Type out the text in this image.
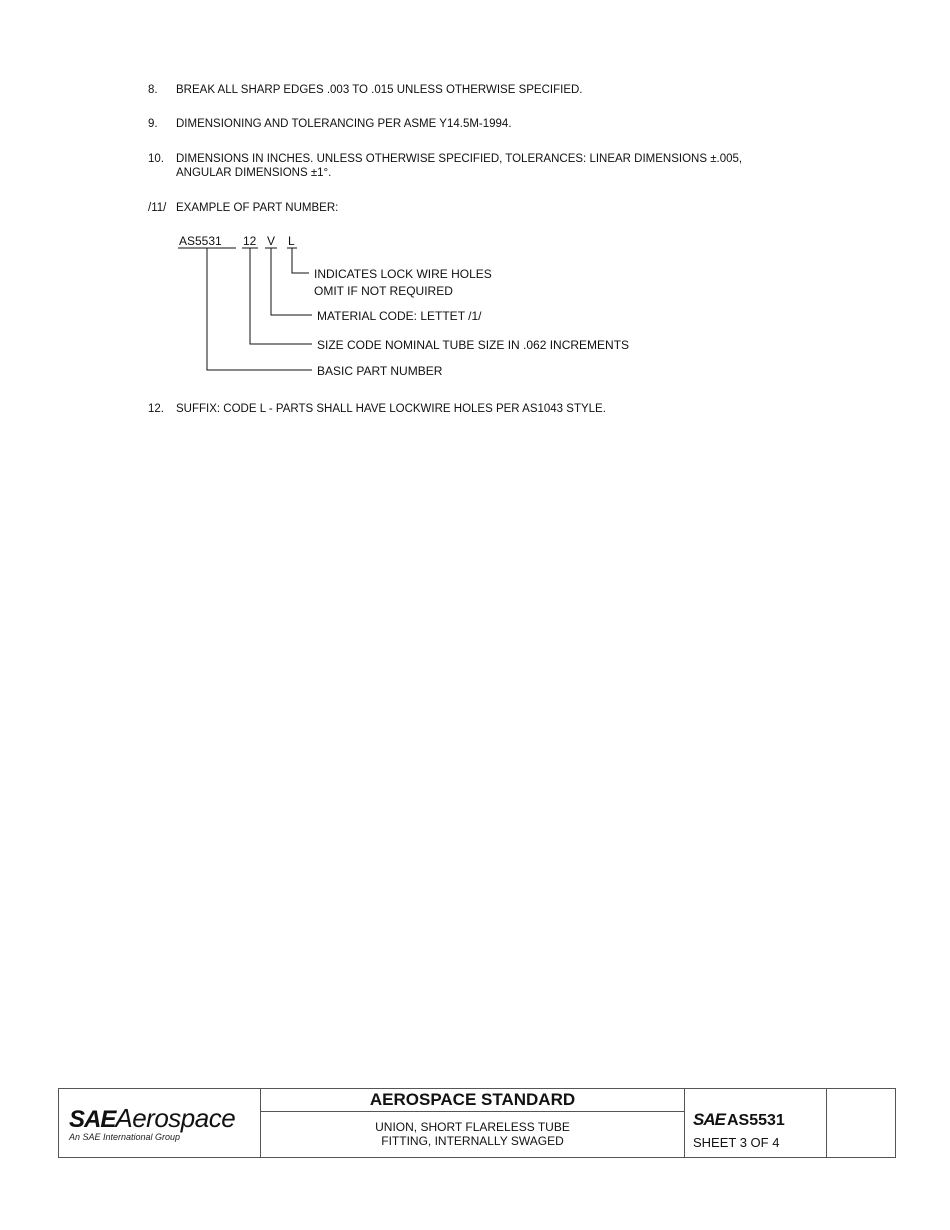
8. BREAK ALL SHARP EDGES .003 TO .015 UNLESS OTHERWISE SPECIFIED.
9. DIMENSIONING AND TOLERANCING PER ASME Y14.5M-1994.
10. DIMENSIONS IN INCHES. UNLESS OTHERWISE SPECIFIED, TOLERANCES: LINEAR DIMENSIONS ±.005,
ANGULAR DIMENSIONS ±1°.
/11/ EXAMPLE OF PART NUMBER:
AS5531 12 V L
INDICATES LOCK WIRE HOLES
OMIT IF NOT REQUIRED
MATERIAL CODE: LETTET /1/
SIZE CODE NOMINAL TUBE SIZE IN .062 INCREMENTS
BASIC PART NUMBER
12. SUFFIX: CODE L - PARTS SHALL HAVE LOCKWIRE HOLES PER AS1043 STYLE.
SAEAerospace
An SAE International Group
AEROSPACE STANDARD
UNION, SHORT FLARELESS TUBE
FITTING, INTERNALLY SWAGED
SAE AS5531
SHEET 3 OF 4
